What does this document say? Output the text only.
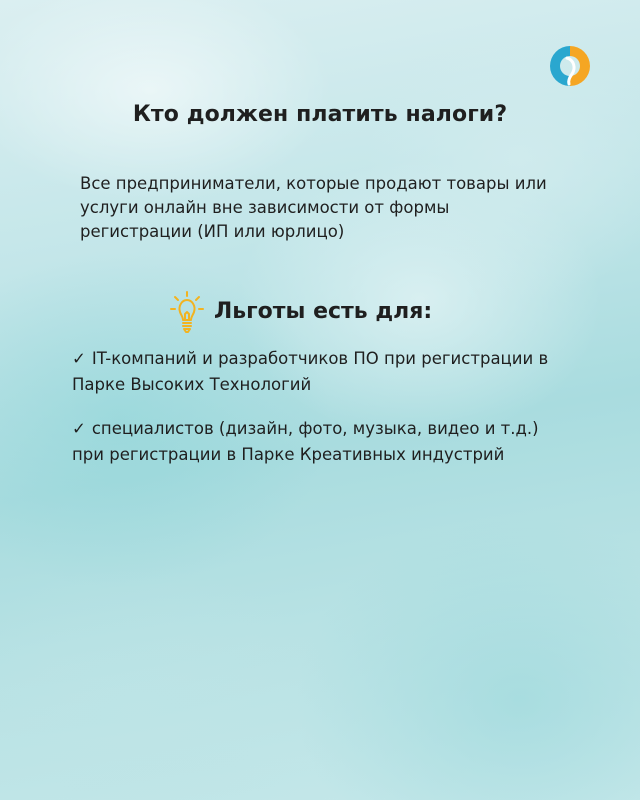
Кто должен платить налоги?
Все предприниматели, которые продают товары или услуги онлайн вне зависимости от формы регистрации (ИП или юрлицо)
Льготы есть для:
✓ IT-компаний и разработчиков ПО при регистрации в Парке Высоких Технологий
✓ специалистов (дизайн, фото, музыка, видео и т.д.) при регистрации в Парке Креативных индустрий
